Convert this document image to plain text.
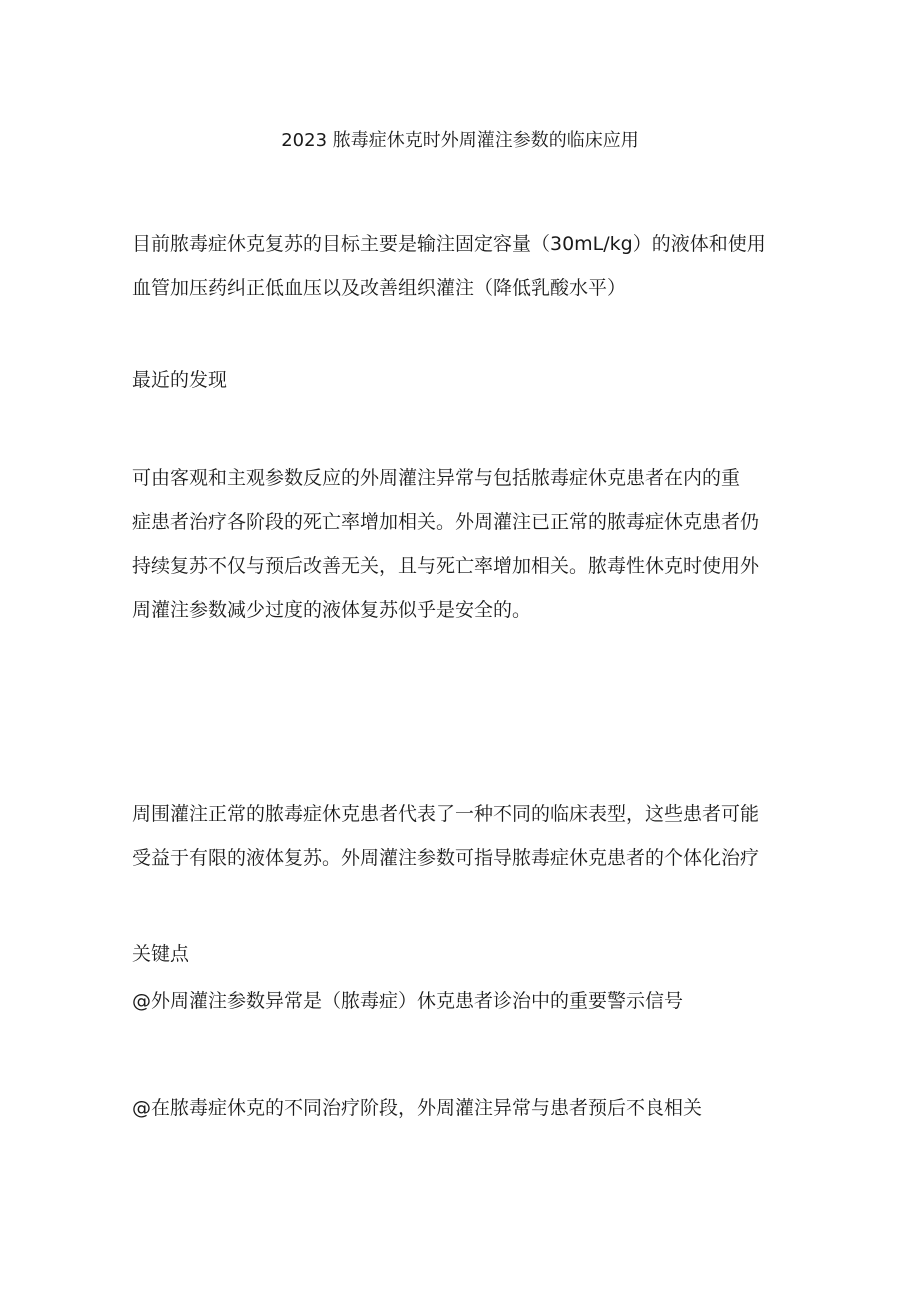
2023 脓毒症休克时外周灌注参数的临床应用
目前脓毒症休克复苏的目标主要是输注固定容量（30mL/kg）的液体和使用
血管加压药纠正低血压以及改善组织灌注（降低乳酸水平）
最近的发现
可由客观和主观参数反应的外周灌注异常与包括脓毒症休克患者在内的重
症患者治疗各阶段的死亡率增加相关。外周灌注已正常的脓毒症休克患者仍
持续复苏不仅与预后改善无关，且与死亡率增加相关。脓毒性休克时使用外
周灌注参数减少过度的液体复苏似乎是安全的。
周围灌注正常的脓毒症休克患者代表了一种不同的临床表型，这些患者可能
受益于有限的液体复苏。外周灌注参数可指导脓毒症休克患者的个体化治疗
关键点
@外周灌注参数异常是（脓毒症）休克患者诊治中的重要警示信号
@在脓毒症休克的不同治疗阶段，外周灌注异常与患者预后不良相关
